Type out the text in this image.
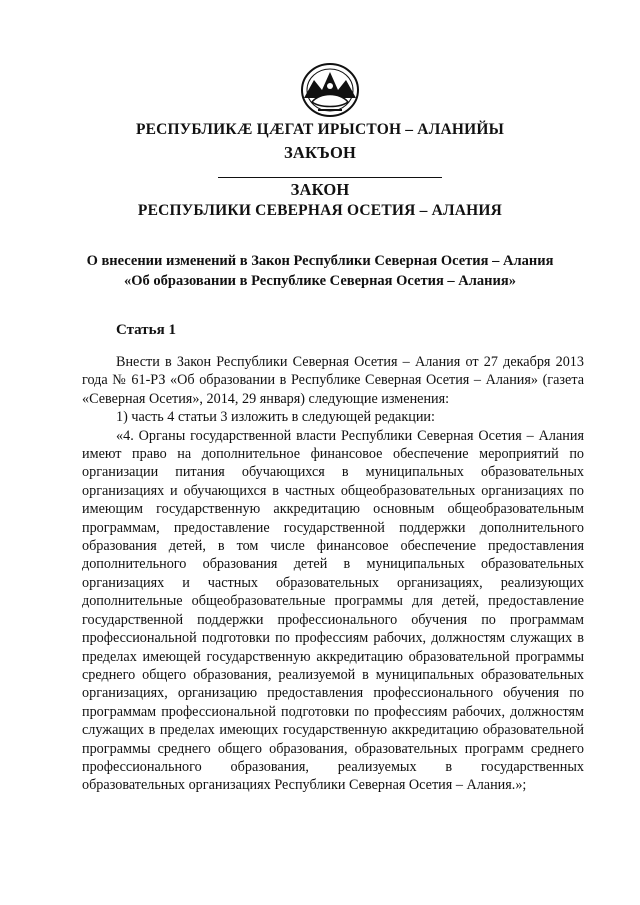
РЕСПУБЛИКӔ ЦӔГАТ ИРЫСТОН – АЛАНИЙЫ
ЗАКЪОН
ЗАКОН
РЕСПУБЛИКИ СЕВЕРНАЯ ОСЕТИЯ – АЛАНИЯ
О внесении изменений в Закон Республики Северная Осетия – Алания
«Об образовании в Республике Северная Осетия – Алания»
Статья 1

Внести в Закон Республики Северная Осетия – Алания от 27 декабря 2013 года № 61-РЗ «Об образовании в Республике Северная Осетия – Алания» (газета «Северная Осетия», 2014, 29 января) следующие изменения:

1) часть 4 статьи 3 изложить в следующей редакции:

«4. Органы государственной власти Республики Северная Осетия – Алания имеют право на дополнительное финансовое обеспечение мероприятий по организации питания обучающихся в муниципальных образовательных организациях и обучающихся в частных общеобразовательных организациях по имеющим государственную аккредитацию основным общеобразовательным программам, предоставление государственной поддержки дополнительного образования детей, в том числе финансовое обеспечение предоставления дополнительного образования детей в муниципальных образовательных организациях и частных образовательных организациях, реализующих дополнительные общеобразовательные программы для детей, предоставление государственной поддержки профессионального обучения по программам профессиональной подготовки по профессиям рабочих, должностям служащих в пределах имеющей государственную аккредитацию образовательной программы среднего общего образования, реализуемой в муниципальных образовательных организациях, организацию предоставления профессионального обучения по программам профессиональной подготовки по профессиям рабочих, должностям служащих в пределах имеющих государственную аккредитацию образовательной программы среднего общего образования, образовательных программ среднего профессионального образования, реализуемых в государственных образовательных организациях Республики Северная Осетия – Алания.»;
